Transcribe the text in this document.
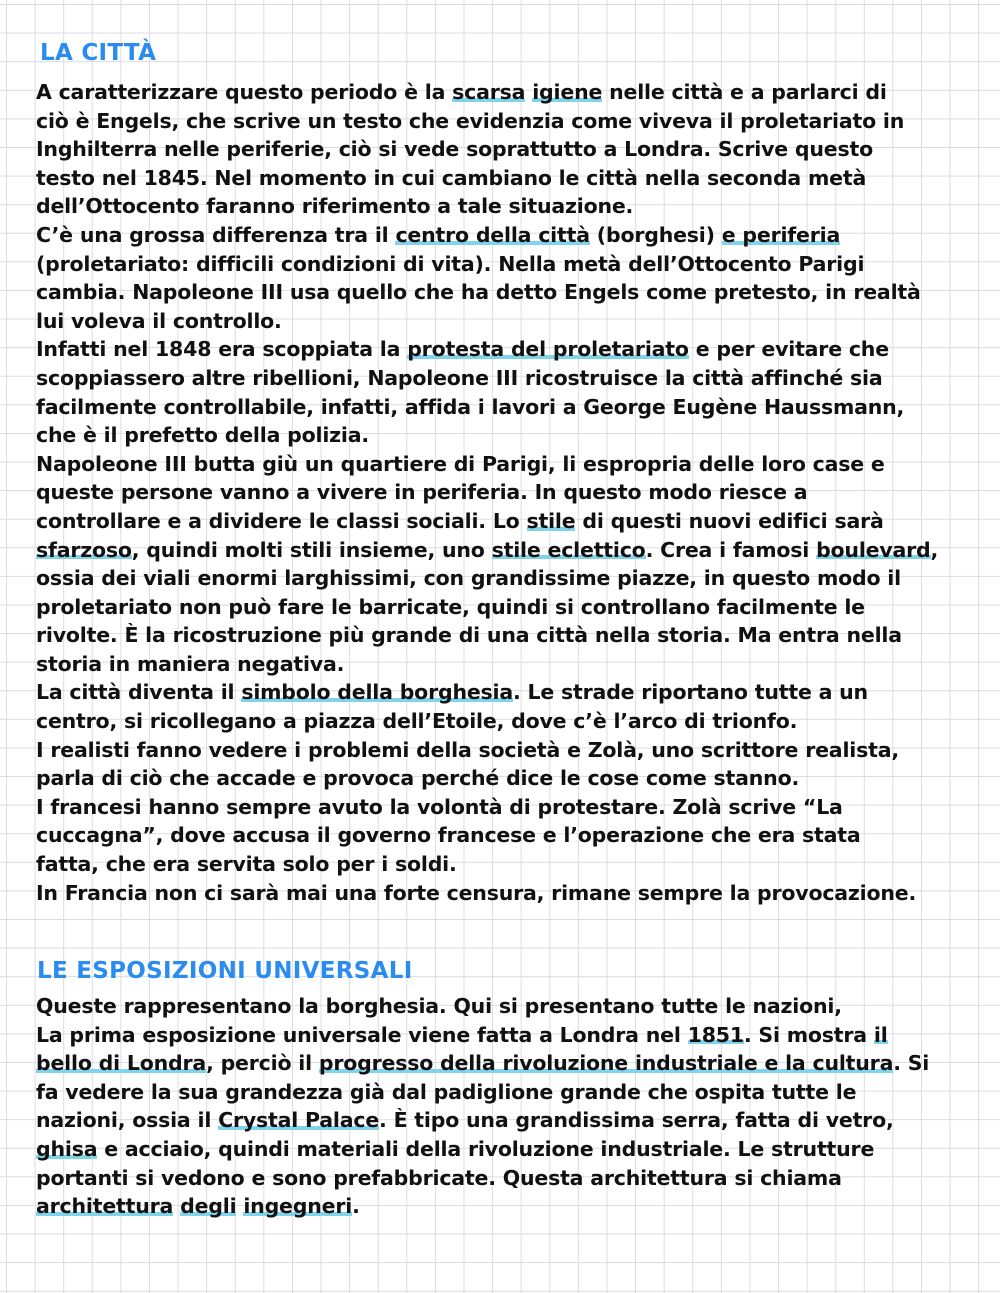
LA CITTÀ
A caratterizzare questo periodo è la scarsa igiene nelle città e a parlarci di
ciò è Engels, che scrive un testo che evidenzia come viveva il proletariato in
Inghilterra nelle periferie, ciò si vede soprattutto a Londra. Scrive questo
testo nel 1845. Nel momento in cui cambiano le città nella seconda metà
dell’Ottocento faranno riferimento a tale situazione.
C’è una grossa differenza tra il centro della città (borghesi) e periferia
(proletariato: difficili condizioni di vita). Nella metà dell’Ottocento Parigi
cambia. Napoleone III usa quello che ha detto Engels come pretesto, in realtà
lui voleva il controllo.
Infatti nel 1848 era scoppiata la protesta del proletariato e per evitare che
scoppiassero altre ribellioni, Napoleone III ricostruisce la città affinché sia
facilmente controllabile, infatti, affida i lavori a George Eugène Haussmann,
che è il prefetto della polizia.
Napoleone III butta giù un quartiere di Parigi, li espropria delle loro case e
queste persone vanno a vivere in periferia. In questo modo riesce a
controllare e a dividere le classi sociali. Lo stile di questi nuovi edifici sarà
sfarzoso, quindi molti stili insieme, uno stile eclettico. Crea i famosi boulevard,
ossia dei viali enormi larghissimi, con grandissime piazze, in questo modo il
proletariato non può fare le barricate, quindi si controllano facilmente le
rivolte. È la ricostruzione più grande di una città nella storia. Ma entra nella
storia in maniera negativa.
La città diventa il simbolo della borghesia. Le strade riportano tutte a un
centro, si ricollegano a piazza dell’Etoile, dove c’è l’arco di trionfo.
I realisti fanno vedere i problemi della società e Zolà, uno scrittore realista,
parla di ciò che accade e provoca perché dice le cose come stanno.
I francesi hanno sempre avuto la volontà di protestare. Zolà scrive “La
cuccagna”, dove accusa il governo francese e l’operazione che era stata
fatta, che era servita solo per i soldi.
In Francia non ci sarà mai una forte censura, rimane sempre la provocazione.
LE ESPOSIZIONI UNIVERSALI
Queste rappresentano la borghesia. Qui si presentano tutte le nazioni,
La prima esposizione universale viene fatta a Londra nel 1851. Si mostra il
bello di Londra, perciò il progresso della rivoluzione industriale e la cultura. Si
fa vedere la sua grandezza già dal padiglione grande che ospita tutte le
nazioni, ossia il Crystal Palace. È tipo una grandissima serra, fatta di vetro,
ghisa e acciaio, quindi materiali della rivoluzione industriale. Le strutture
portanti si vedono e sono prefabbricate. Questa architettura si chiama
architettura degli ingegneri.
